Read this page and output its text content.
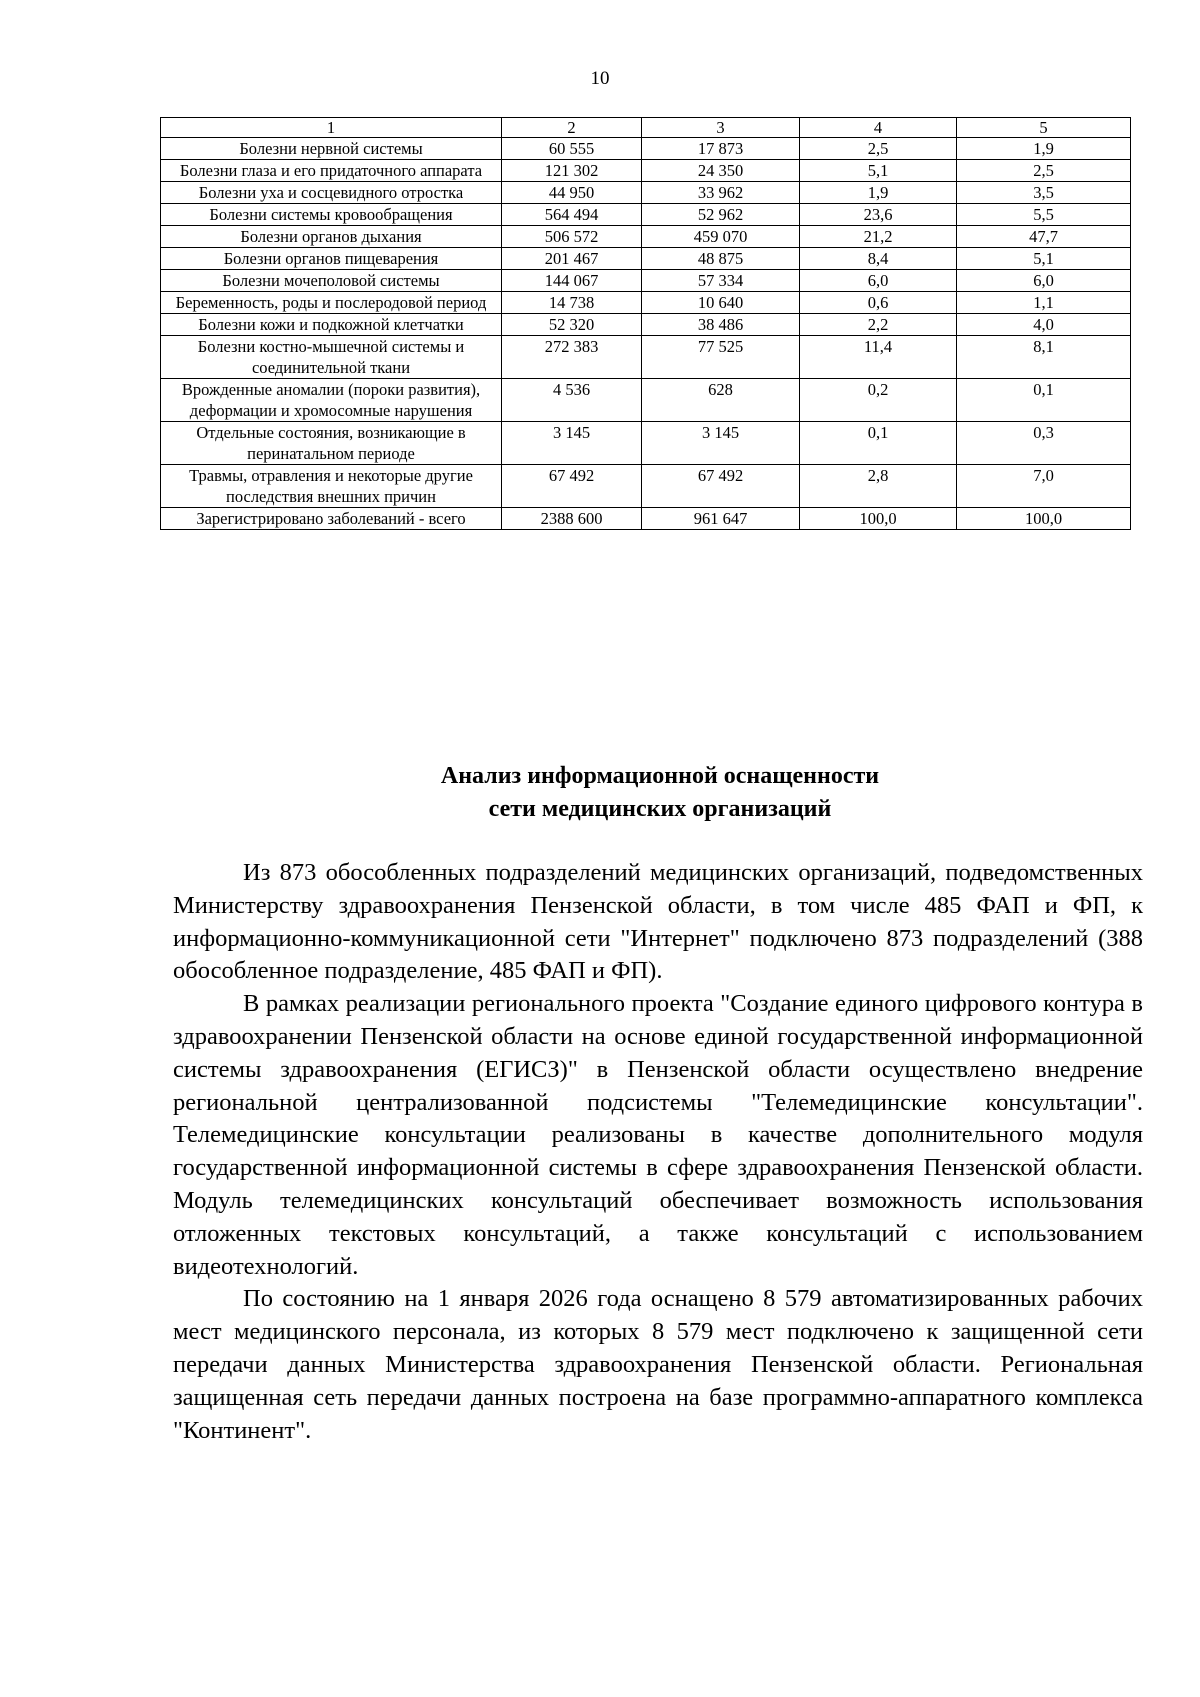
10
1	2	3	4	5
Болезни нервной системы	60 555	17 873	2,5	1,9
Болезни глаза и его придаточного аппарата	121 302	24 350	5,1	2,5
Болезни уха и сосцевидного отростка	44 950	33 962	1,9	3,5
Болезни системы кровообращения	564 494	52 962	23,6	5,5
Болезни органов дыхания	506 572	459 070	21,2	47,7
Болезни органов пищеварения	201 467	48 875	8,4	5,1
Болезни мочеполовой системы	144 067	57 334	6,0	6,0
Беременность, роды и послеродовой период	14 738	10 640	0,6	1,1
Болезни кожи и подкожной клетчатки	52 320	38 486	2,2	4,0
Болезни костно-мышечной системы и соединительной ткани	272 383	77 525	11,4	8,1
Врожденные аномалии (пороки развития), деформации и хромосомные нарушения	4 536	628	0,2	0,1
Отдельные состояния, возникающие в перинатальном периоде	3 145	3 145	0,1	0,3
Травмы, отравления и некоторые другие последствия внешних причин	67 492	67 492	2,8	7,0
Зарегистрировано заболеваний - всего	2388 600	961 647	100,0	100,0
Анализ информационной оснащенности
сети медицинских организаций

Из 873 обособленных подразделений медицинских организаций, подведомственных Министерству здравоохранения Пензенской области, в том числе 485 ФАП и ФП, к информационно-коммуникационной сети "Интернет" подключено 873 подразделений (388 обособленное подразделение, 485 ФАП и ФП).

В рамках реализации регионального проекта "Создание единого цифрового контура в здравоохранении Пензенской области на основе единой государственной информационной системы здравоохранения (ЕГИСЗ)" в Пензенской области осуществлено внедрение региональной централизованной подсистемы "Телемедицинские консультации". Телемедицинские консультации реализованы в качестве дополнительного модуля государственной информационной системы в сфере здравоохранения Пензенской области. Модуль телемедицинских консультаций обеспечивает возможность использования отложенных текстовых консультаций, а также консультаций с использованием видеотехнологий.

По состоянию на 1 января 2026 года оснащено 8 579 автоматизированных рабочих мест медицинского персонала, из которых 8 579 мест подключено к защищенной сети передачи данных Министерства здравоохранения Пензенской области. Региональная защищенная сеть передачи данных построена на базе программно-аппаратного комплекса "Континент".
